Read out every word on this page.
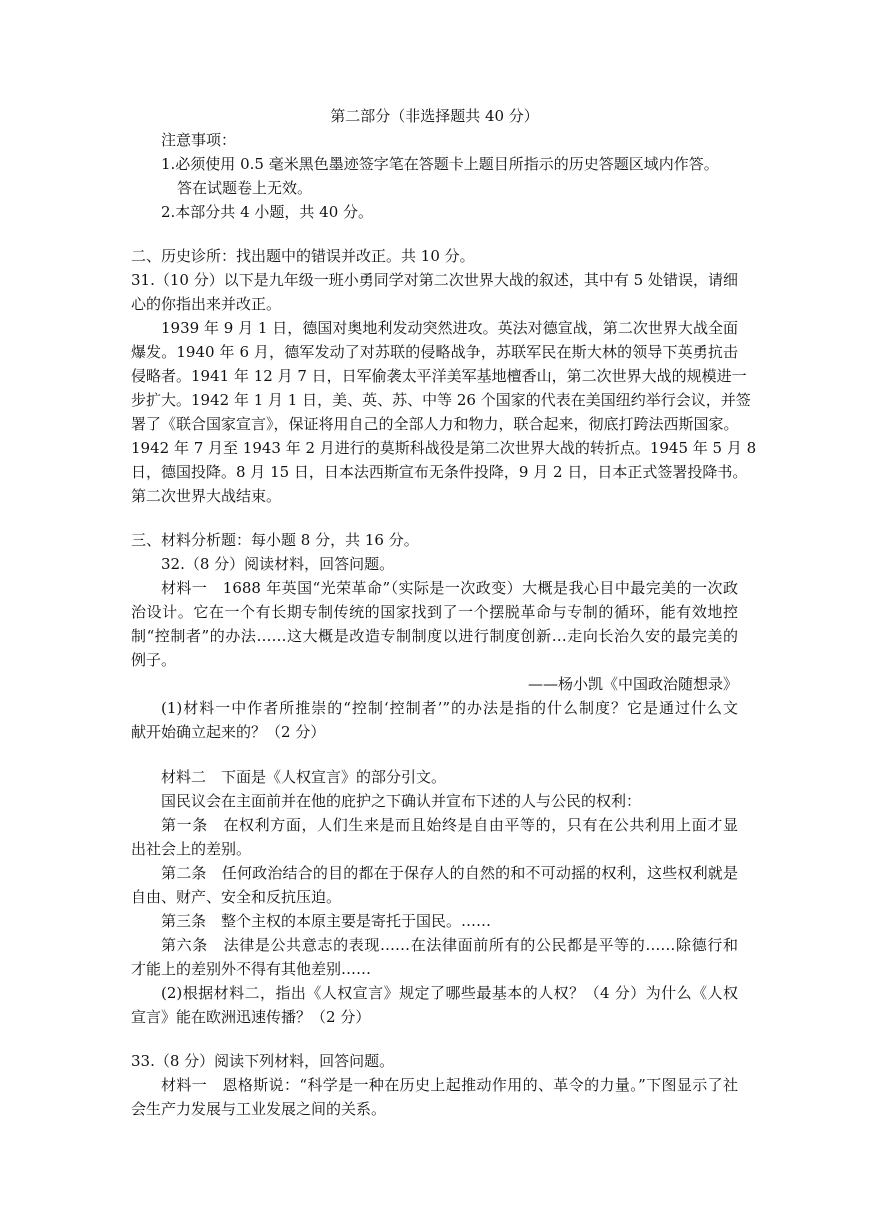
第二部分（非选择题共 40 分）
注意事项：
1.必须使用 0.5 毫米黑色墨迹签字笔在答题卡上题目所指示的历史答题区域内作答。
答在试题卷上无效。
2.本部分共 4 小题，共 40 分。
二、历史诊所：找出题中的错误并改正。共 10 分。
31.（10 分）以下是九年级一班小勇同学对第二次世界大战的叙述，其中有 5 处错误，请细
心的你指出来并改正。
1939 年 9 月 1 日，德国对奥地利发动突然进攻。英法对德宣战，第二次世界大战全面
爆发。1940 年 6 月，德军发动了对苏联的侵略战争，苏联军民在斯大林的领导下英勇抗击
侵略者。1941 年 12 月 7 日，日军偷袭太平洋美军基地檀香山，第二次世界大战的规模进一
步扩大。1942 年 1 月 1 日，美、英、苏、中等 26 个国家的代表在美国纽约举行会议，并签
署了《联合国家宣言》，保证将用自己的全部人力和物力，联合起来，彻底打跨法西斯国家。
1942 年 7 月至 1943 年 2 月进行的莫斯科战役是第二次世界大战的转折点。1945 年 5 月 8
日，德国投降。8 月 15 日，日本法西斯宣布无条件投降，9 月 2 日，日本正式签署投降书。
第二次世界大战结束。
三、材料分析题：每小题 8 分，共 16 分。
32.（8 分）阅读材料，回答问题。
材料一　1688 年英国“光荣革命”（实际是一次政变）大概是我心目中最完美的一次政
治设计。它在一个有长期专制传统的国家找到了一个摆脱革命与专制的循环，能有效地控
制“控制者”的办法……这大概是改造专制制度以进行制度创新…走向长治久安的最完美的
例子。
——杨小凯《中国政治随想录》
(1)材料一中作者所推崇的“控制‘控制者’”的办法是指的什么制度？它是通过什么文
献开始确立起来的？（2 分）
材料二　下面是《人权宣言》的部分引文。
国民议会在主面前并在他的庇护之下确认并宣布下述的人与公民的权利：
第一条　在权利方面，人们生来是而且始终是自由平等的，只有在公共利用上面才显
出社会上的差别。
第二条　任何政治结合的目的都在于保存人的自然的和不可动摇的权利，这些权利就是
自由、财产、安全和反抗压迫。
第三条　整个主权的本原主要是寄托于国民。……
第六条　法律是公共意志的表现……在法律面前所有的公民都是平等的……除德行和
才能上的差别外不得有其他差别……
(2)根据材料二，指出《人权宣言》规定了哪些最基本的人权？（4 分）为什么《人权
宣言》能在欧洲迅速传播？（2 分）
33.（8 分）阅读下列材料，回答问题。
材料一　恩格斯说：“科学是一种在历史上起推动作用的、革令的力量。”下图显示了社
会生产力发展与工业发展之间的关系。
